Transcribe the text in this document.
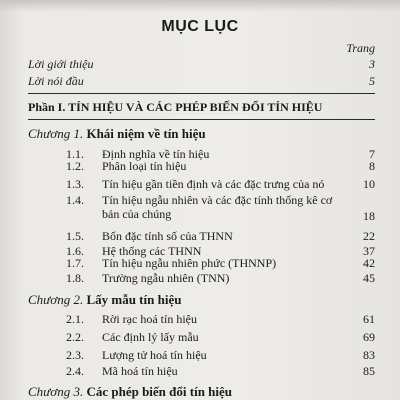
MỤC LỤC
Trang
Lời giới thiệu	3
Lời nói đầu	5
Phần I. TÍN HIỆU VÀ CÁC PHÉP BIẾN ĐỔI TÍN HIỆU
Chương 1. Khái niệm về tín hiệu
1.1.	Định nghĩa về tín hiệu	7
1.2.	Phân loại tín hiệu	8
1.3.	Tín hiệu gần tiền định và các đặc trưng của nó	10
1.4.	Tín hiệu ngẫu nhiên và các đặc tính thống kê cơ bản của chúng	18
1.5.	Bốn đặc tính số của THNN	22
1.6.	Hệ thống các THNN	37
1.7.	Tín hiệu ngẫu nhiên phức (THNNP)	42
1.8.	Trường ngẫu nhiên (TNN)	45
Chương 2. Lấy mẫu tín hiệu
2.1.	Rời rạc hoá tín hiệu	61
2.2.	Các định lý lấy mẫu	69
2.3.	Lượng tử hoá tín hiệu	83
2.4.	Mã hoá tín hiệu	85
Chương 3. Các phép biến đổi tín hiệu
